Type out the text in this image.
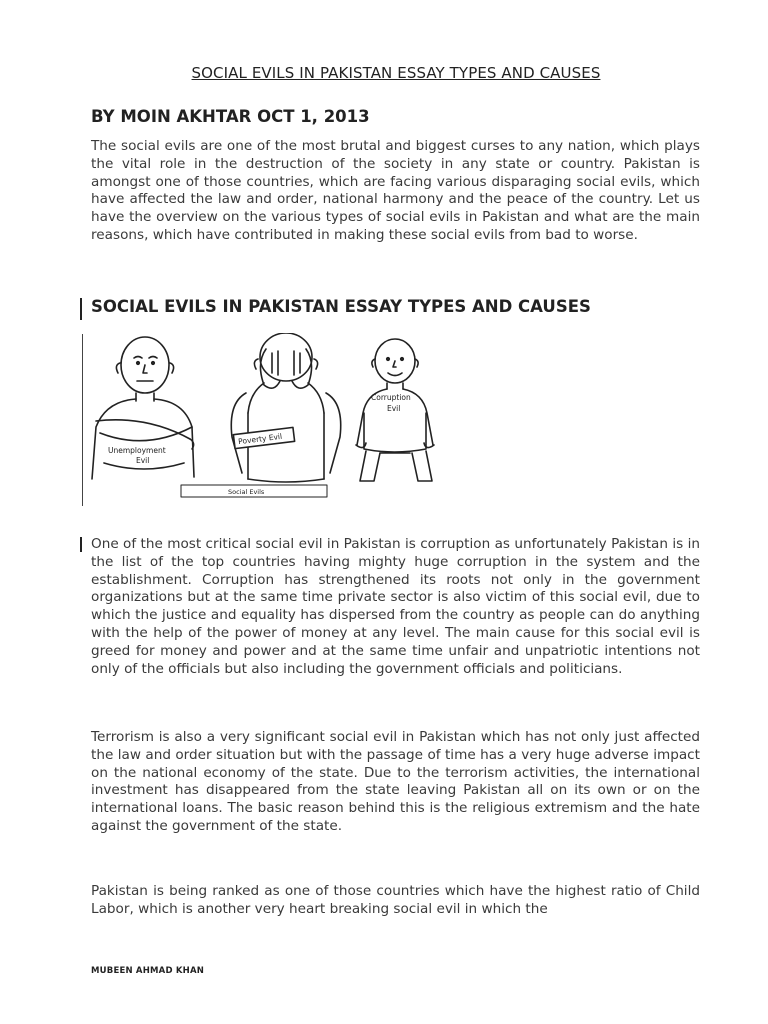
SOCIAL EVILS IN PAKISTAN ESSAY TYPES AND CAUSES
BY MOIN AKHTAR OCT 1, 2013

The social evils are one of the most brutal and biggest curses to any nation, which plays the vital role in the destruction of the society in any state or country. Pakistan is amongst one of those countries, which are facing various disparaging social evils, which have affected the law and order, national harmony and the peace of the country. Let us have the overview on the various types of social evils in Pakistan and what are the main reasons, which have contributed in making these social evils from bad to worse.

SOCIAL EVILS IN PAKISTAN ESSAY TYPES AND CAUSES
Unemployment
Evil
Poverty Evil
Corruption
Evil
Social Evils

One of the most critical social evil in Pakistan is corruption as unfortunately Pakistan is in the list of the top countries having mighty huge corruption in the system and the establishment. Corruption has strengthened its roots not only in the government organizations but at the same time private sector is also victim of this social evil, due to which the justice and equality has dispersed from the country as people can do anything with the help of the power of money at any level. The main cause for this social evil is greed for money and power and at the same time unfair and unpatriotic intentions not only of the officials but also including the government officials and politicians.

Terrorism is also a very significant social evil in Pakistan which has not only just affected the law and order situation but with the passage of time has a very huge adverse impact on the national economy of the state. Due to the terrorism activities, the international investment has disappeared from the state leaving Pakistan all on its own or on the international loans. The basic reason behind this is the religious extremism and the hate against the government of the state.

Pakistan is being ranked as one of those countries which have the highest ratio of Child Labor, which is another very heart breaking social evil in which the

MUBEEN AHMAD KHAN
